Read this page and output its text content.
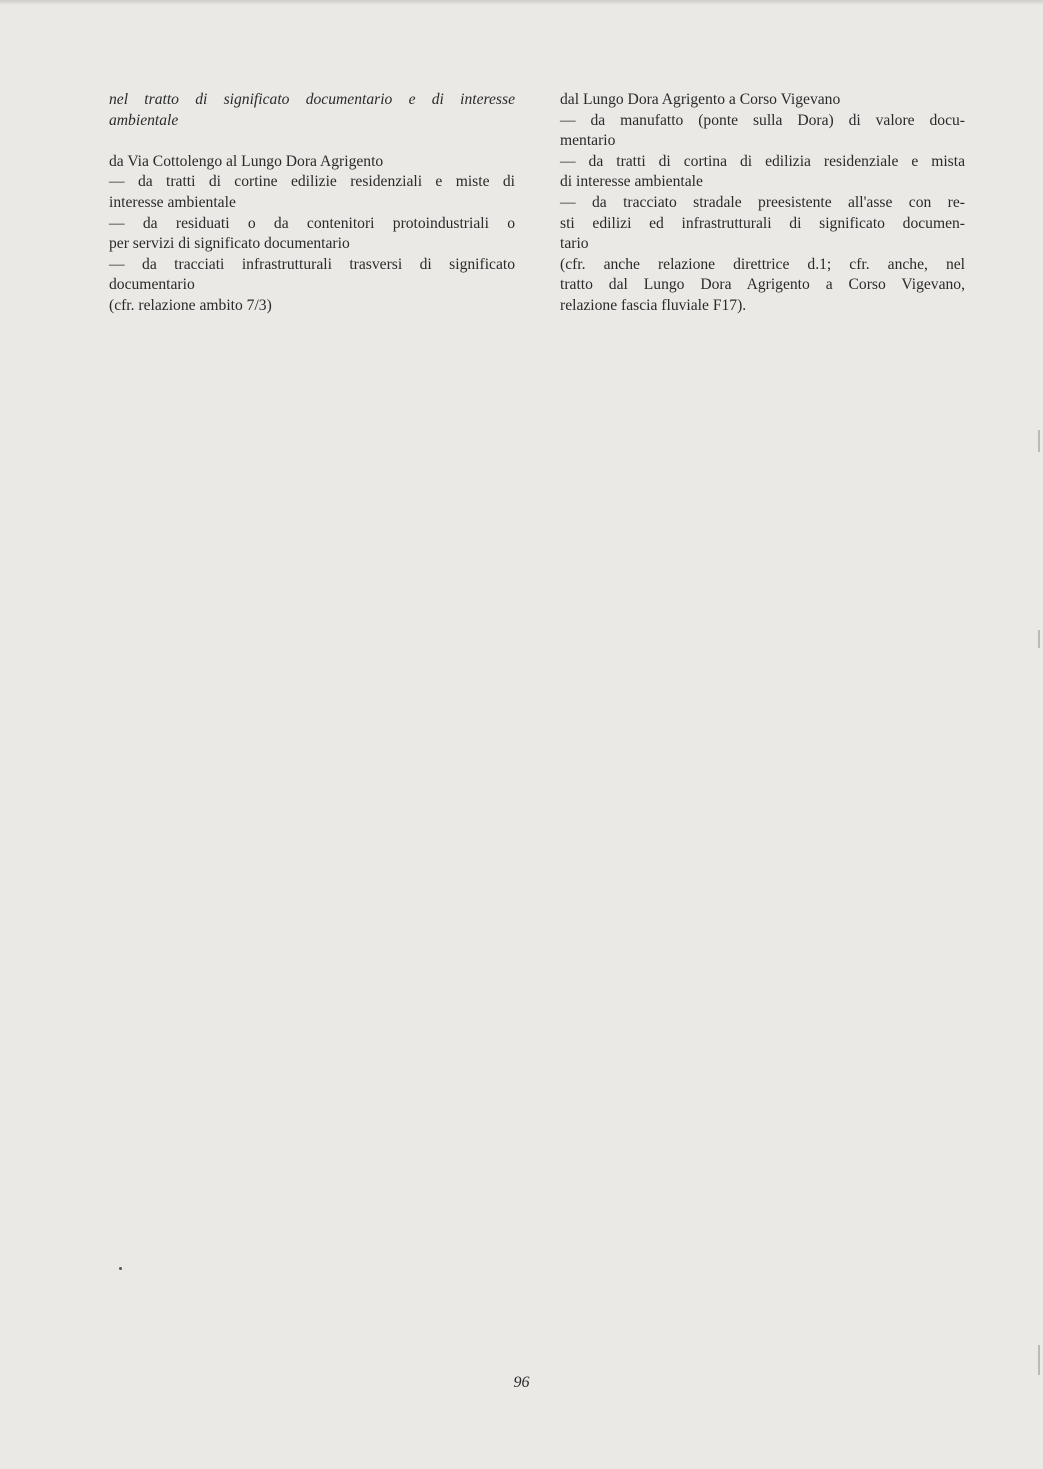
nel tratto di significato documentario e di interesse
ambientale

da Via Cottolengo al Lungo Dora Agrigento
— da tratti di cortine edilizie residenziali e miste di
interesse ambientale
— da residuati o da contenitori protoindustriali o
per servizi di significato documentario
— da tracciati infrastrutturali trasversi di significato
documentario
(cfr. relazione ambito 7/3)

dal Lungo Dora Agrigento a Corso Vigevano
— da manufatto (ponte sulla Dora) di valore docu-
mentario
— da tratti di cortina di edilizia residenziale e mista
di interesse ambientale
— da tracciato stradale preesistente all'asse con re-
sti edilizi ed infrastrutturali di significato documen-
tario
(cfr. anche relazione direttrice d.1; cfr. anche, nel
tratto dal Lungo Dora Agrigento a Corso Vigevano,
relazione fascia fluviale F17).

96
